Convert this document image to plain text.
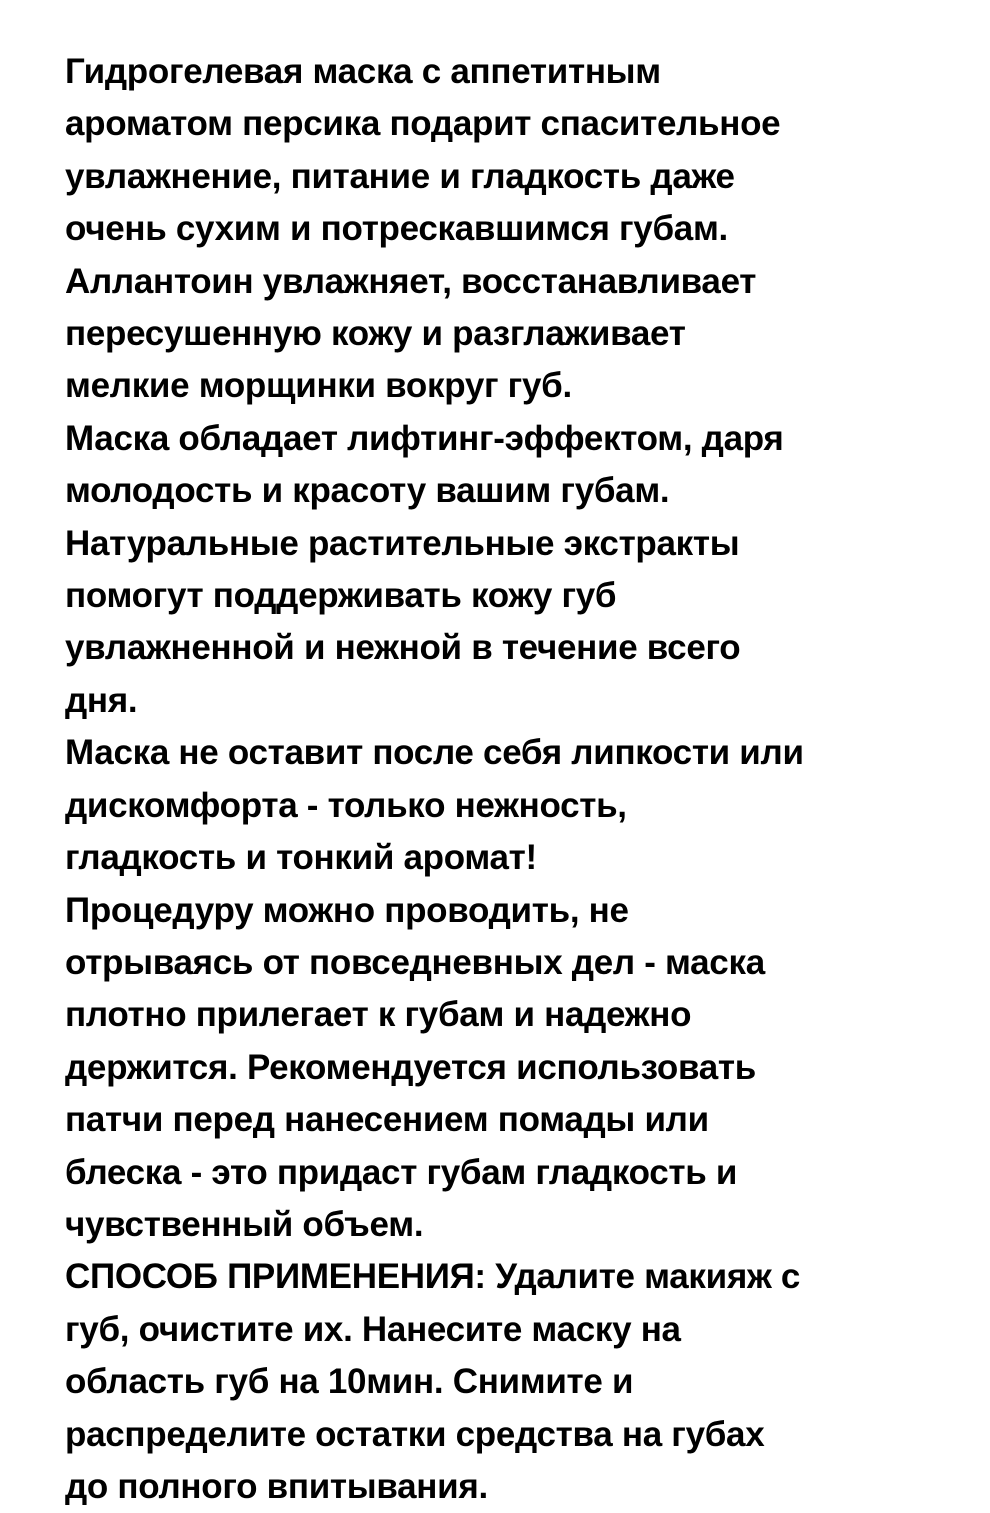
Гидрогелевая маска с аппетитным
ароматом персика подарит спасительное
увлажнение, питание и гладкость даже
очень сухим и потрескавшимся губам.
Аллантоин увлажняет, восстанавливает
пересушенную кожу и разглаживает
мелкие морщинки вокруг губ.
Маска обладает лифтинг-эффектом, даря
молодость и красоту вашим губам.
Натуральные растительные экстракты
помогут поддерживать кожу губ
увлажненной и нежной в течение всего
дня.
Маска не оставит после себя липкости или
дискомфорта - только нежность,
гладкость и тонкий аромат!
Процедуру можно проводить, не
отрываясь от повседневных дел - маска
плотно прилегает к губам и надежно
держится. Рекомендуется использовать
патчи перед нанесением помады или
блеска - это придаст губам гладкость и
чувственный объем.
СПОСОБ ПРИМЕНЕНИЯ: Удалите макияж с
губ, очистите их. Нанесите маску на
область губ на 10мин. Снимите и
распределите остатки средства на губах
до полного впитывания.
